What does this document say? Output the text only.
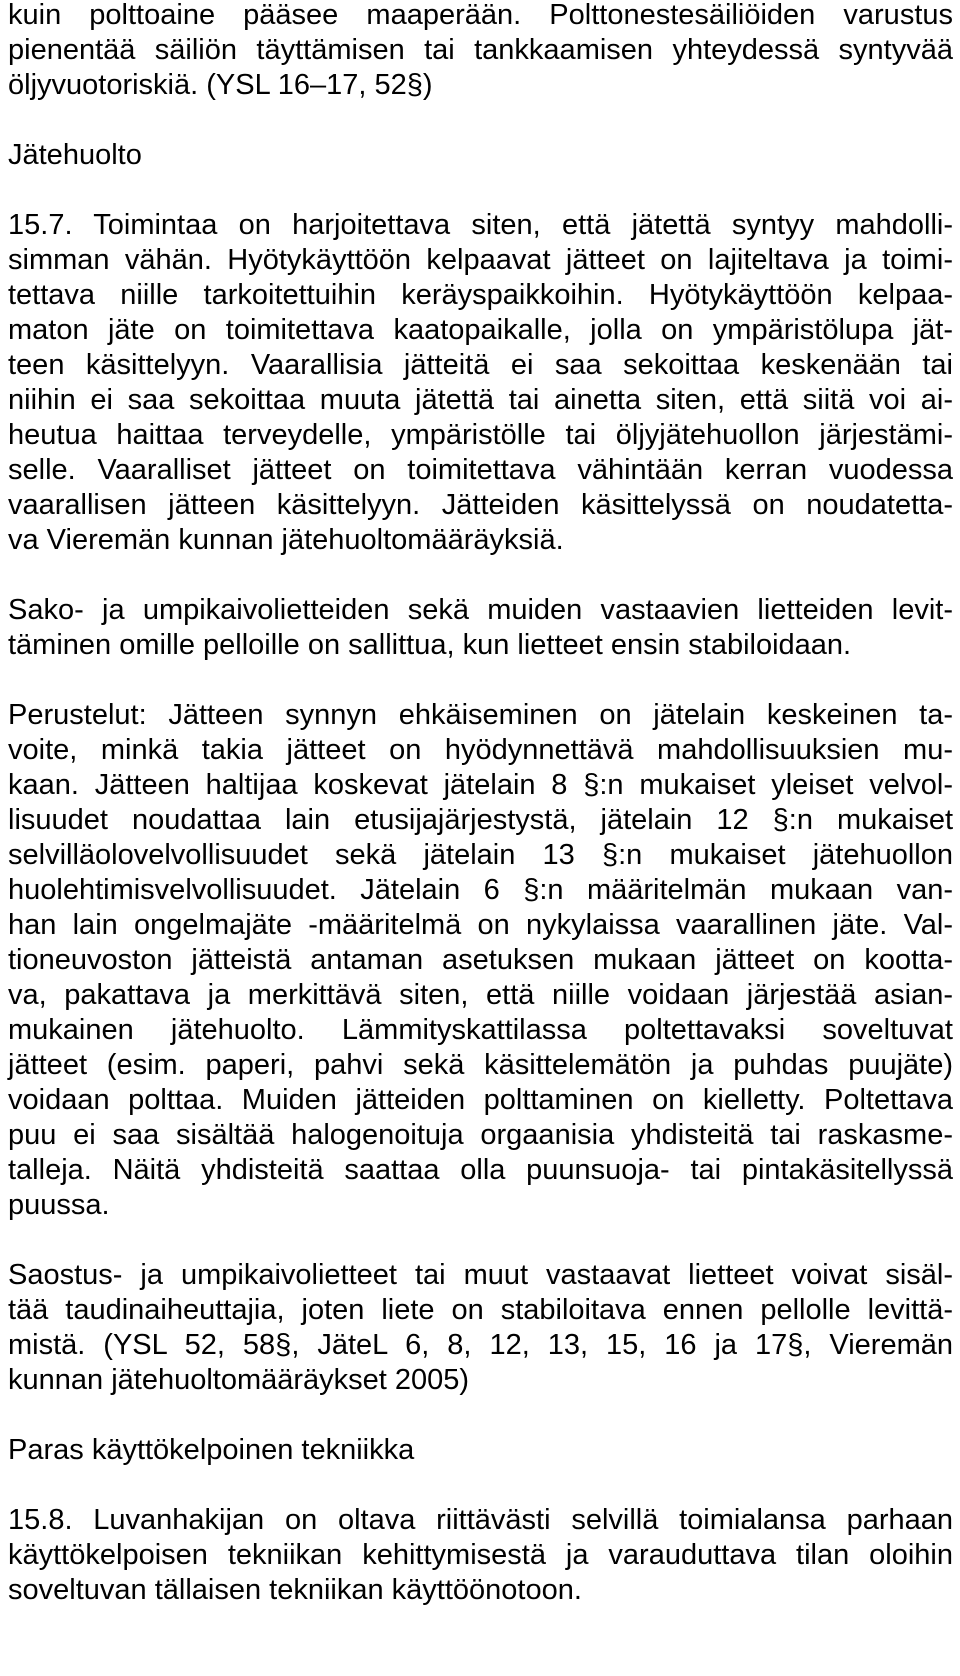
kuin polttoaine pääsee maaperään. Polttonestesäiliöiden varustus
pienentää säiliön täyttämisen tai tankkaamisen yhteydessä syntyvää
öljyvuotoriskiä. (YSL 16–17, 52§)
Jätehuolto
15.7. Toimintaa on harjoitettava siten, että jätettä syntyy mahdolli-
simman vähän. Hyötykäyttöön kelpaavat jätteet on lajiteltava ja toimi-
tettava niille tarkoitettuihin keräyspaikkoihin. Hyötykäyttöön kelpaa-
maton jäte on toimitettava kaatopaikalle, jolla on ympäristölupa jät-
teen käsittelyyn. Vaarallisia jätteitä ei saa sekoittaa keskenään tai
niihin ei saa sekoittaa muuta jätettä tai ainetta siten, että siitä voi ai-
heutua haittaa terveydelle, ympäristölle tai öljyjätehuollon järjestämi-
selle. Vaaralliset jätteet on toimitettava vähintään kerran vuodessa
vaarallisen jätteen käsittelyyn. Jätteiden käsittelyssä on noudatetta-
va Vieremän kunnan jätehuoltomääräyksiä.
Sako- ja umpikaivolietteiden sekä muiden vastaavien lietteiden levit-
täminen omille pelloille on sallittua, kun lietteet ensin stabiloidaan.
Perustelut: Jätteen synnyn ehkäiseminen on jätelain keskeinen ta-
voite, minkä takia jätteet on hyödynnettävä mahdollisuuksien mu-
kaan. Jätteen haltijaa koskevat jätelain 8 §:n mukaiset yleiset velvol-
lisuudet noudattaa lain etusijajärjestystä, jätelain 12 §:n mukaiset
selvilläolovelvollisuudet sekä jätelain 13 §:n mukaiset jätehuollon
huolehtimisvelvollisuudet. Jätelain 6 §:n määritelmän mukaan van-
han lain ongelmajäte -määritelmä on nykylaissa vaarallinen jäte. Val-
tioneuvoston jätteistä antaman asetuksen mukaan jätteet on koottа-
va, pakattava ja merkittävä siten, että niille voidaan järjestää asian-
mukainen jätehuolto. Lämmityskattilassa poltettavaksi soveltuvat
jätteet (esim. paperi, pahvi sekä käsittelemätön ja puhdas puujäte)
voidaan polttaa. Muiden jätteiden polttaminen on kielletty. Poltettava
puu ei saa sisältää halogenoituja orgaanisia yhdisteitä tai raskasme-
talleja. Näitä yhdisteitä saattaa olla puunsuoja- tai pintakäsitellyssä
puussa.
Saostus- ja umpikaivolietteet tai muut vastaavat lietteet voivat sisäl-
tää taudinaiheuttajia, joten liete on stabiloitava ennen pellolle levittä-
mistä. (YSL 52, 58§, JäteL 6, 8, 12, 13, 15, 16 ja 17§, Vieremän
kunnan jätehuoltomääräykset 2005)
Paras käyttökelpoinen tekniikka
15.8. Luvanhakijan on oltava riittävästi selvillä toimialansa parhaan
käyttökelpoisen tekniikan kehittymisestä ja varauduttava tilan oloihin
soveltuvan tällaisen tekniikan käyttöönotoon.
